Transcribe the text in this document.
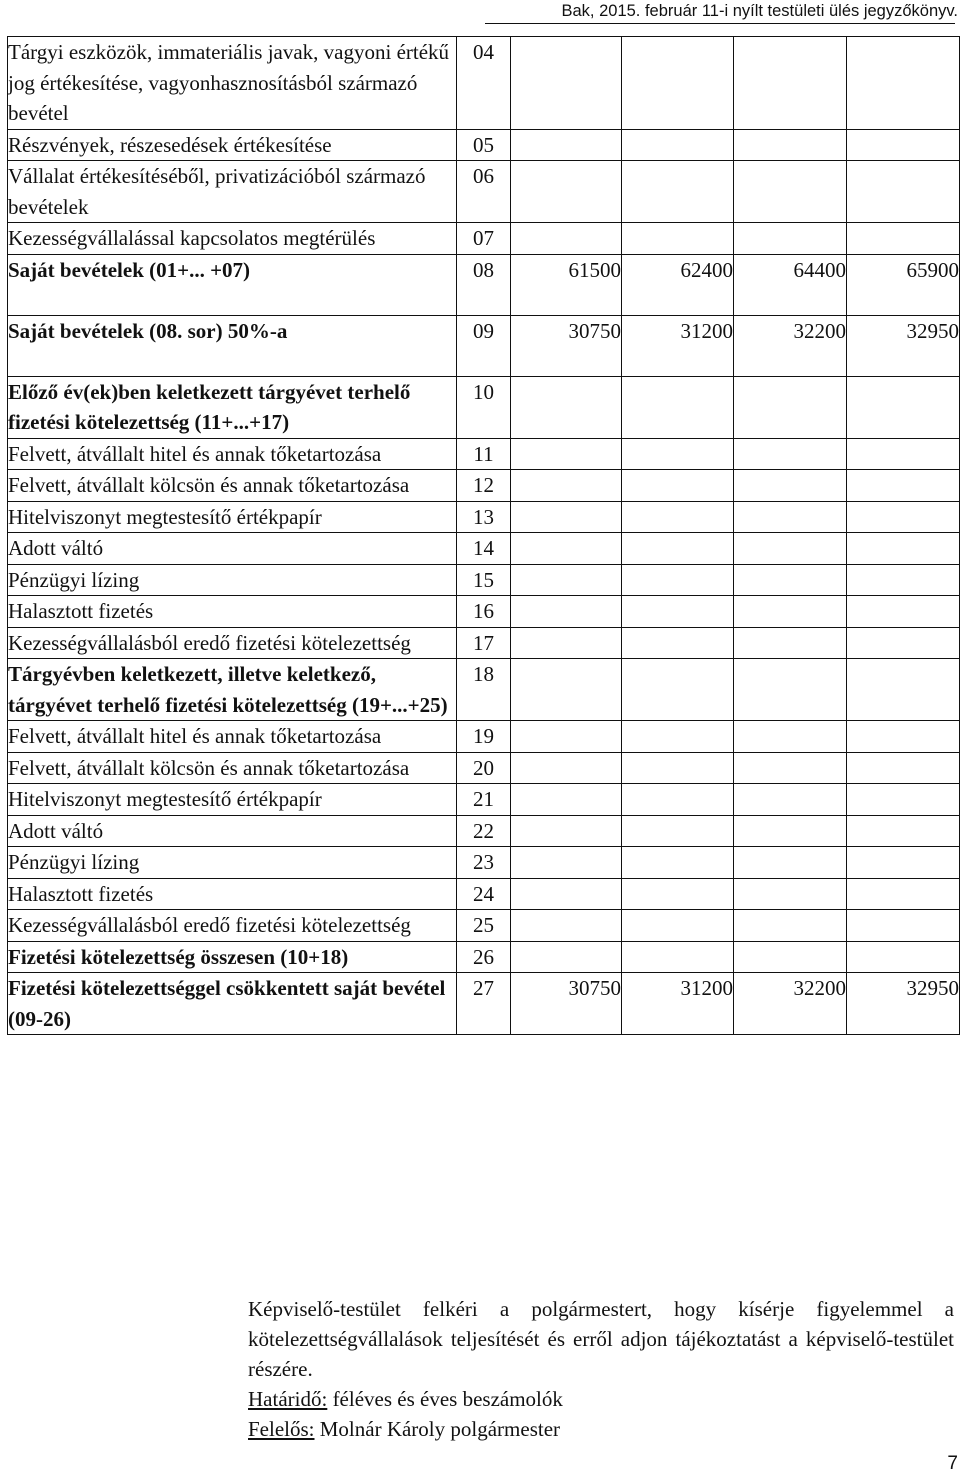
Bak, 2015. február 11-i nyílt testületi ülés jegyzőkönyv.
Tárgyi eszközök, immateriális javak, vagyoni értékű jog értékesítése, vagyonhasznosításból származó bevétel	04				
Részvények, részesedések értékesítése	05				
Vállalat értékesítéséből, privatizációból származó bevételek	06				
Kezességvállalással kapcsolatos megtérülés	07				
Saját bevételek (01+... +07)	08	61500	62400	64400	65900
Saját bevételek (08. sor) 50%-a	09	30750	31200	32200	32950
Előző év(ek)ben keletkezett tárgyévet terhelő fizetési kötelezettség (11+...+17)	10				
Felvett, átvállalt hitel és annak tőketartozása	11				
Felvett, átvállalt kölcsön és annak tőketartozása	12				
Hitelviszonyt megtestesítő értékpapír	13				
Adott váltó	14				
Pénzügyi lízing	15				
Halasztott fizetés	16				
Kezességvállalásból eredő fizetési kötelezettség	17				
Tárgyévben keletkezett, illetve keletkező, tárgyévet terhelő fizetési kötelezettség (19+...+25)	18				
Felvett, átvállalt hitel és annak tőketartozása	19				
Felvett, átvállalt kölcsön és annak tőketartozása	20				
Hitelviszonyt megtestesítő értékpapír	21				
Adott váltó	22				
Pénzügyi lízing	23				
Halasztott fizetés	24				
Kezességvállalásból eredő fizetési kötelezettség	25				
Fizetési kötelezettség összesen (10+18)	26				
Fizetési kötelezettséggel csökkentett saját bevétel (09-26)	27	30750	31200	32200	32950

Képviselő-testület felkéri a polgármestert, hogy kísérje figyelemmel a kötelezettségvállalások teljesítését és erről adjon tájékoztatást a képviselő-testület részére.

Határidő: féléves és éves beszámolók
Felelős: Molnár Károly polgármester
7
